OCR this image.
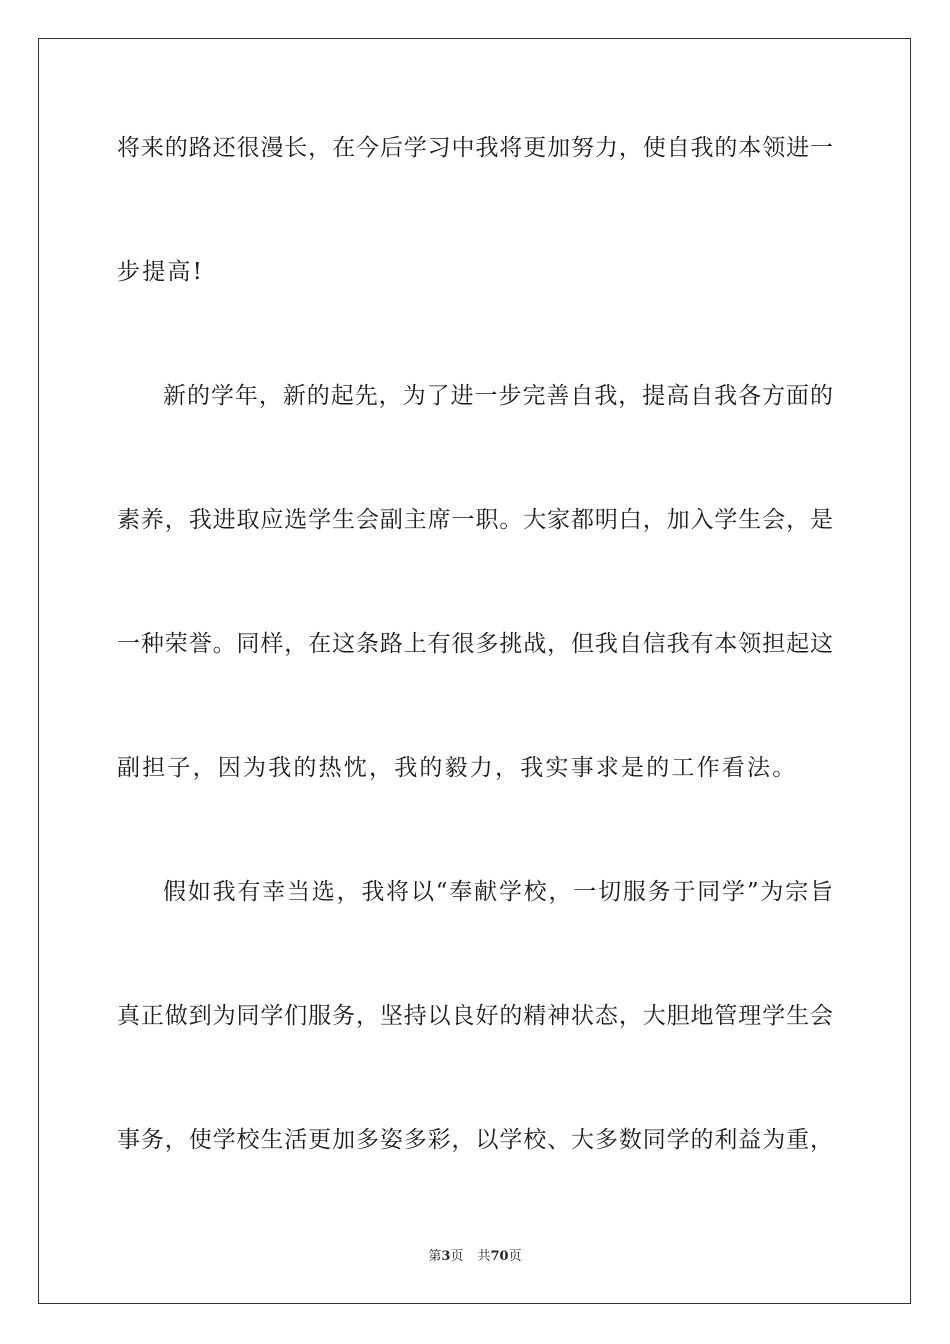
将来的路还很漫长，在今后学习中我将更加努力，使自我的本领进一
步提高!
新的学年，新的起先，为了进一步完善自我，提高自我各方面的
素养，我进取应选学生会副主席一职。大家都明白，加入学生会，是
一种荣誉。同样，在这条路上有很多挑战，但我自信我有本领担起这
副担子，因为我的热忱，我的毅力，我实事求是的工作看法。
假如我有幸当选，我将以“奉献学校，一切服务于同学”为宗旨
真正做到为同学们服务，坚持以良好的精神状态，大胆地管理学生会
事务，使学校生活更加多姿多彩，以学校、大多数同学的利益为重，
第3页 共70页
